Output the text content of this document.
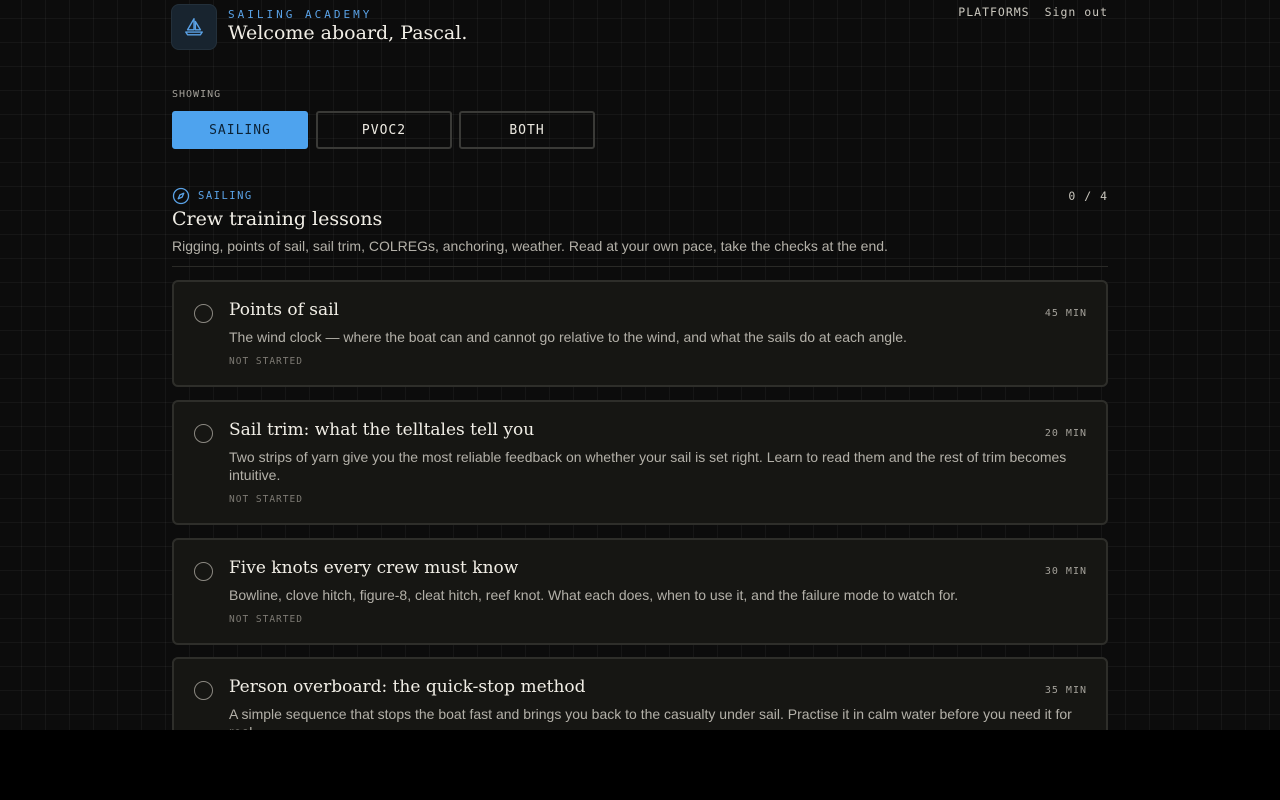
SAILING ACADEMY
Welcome aboard, Pascal.
PLATFORMS Sign out
SHOWING
SAILING	PVOC2	BOTH
SAILING	0 / 4
Crew training lessons
Rigging, points of sail, sail trim, COLREGs, anchoring, weather. Read at your own pace, take the checks at the end.
Points of sail	45 MIN
The wind clock — where the boat can and cannot go relative to the wind, and what the sails do at each angle.
NOT STARTED
Sail trim: what the telltales tell you	20 MIN
Two strips of yarn give you the most reliable feedback on whether your sail is set right. Learn to read them and the rest of trim becomes intuitive.
NOT STARTED
Five knots every crew must know	30 MIN
Bowline, clove hitch, figure-8, cleat hitch, reef knot. What each does, when to use it, and the failure mode to watch for.
NOT STARTED
Person overboard: the quick-stop method	35 MIN
A simple sequence that stops the boat fast and brings you back to the casualty under sail. Practise it in calm water before you need it for
